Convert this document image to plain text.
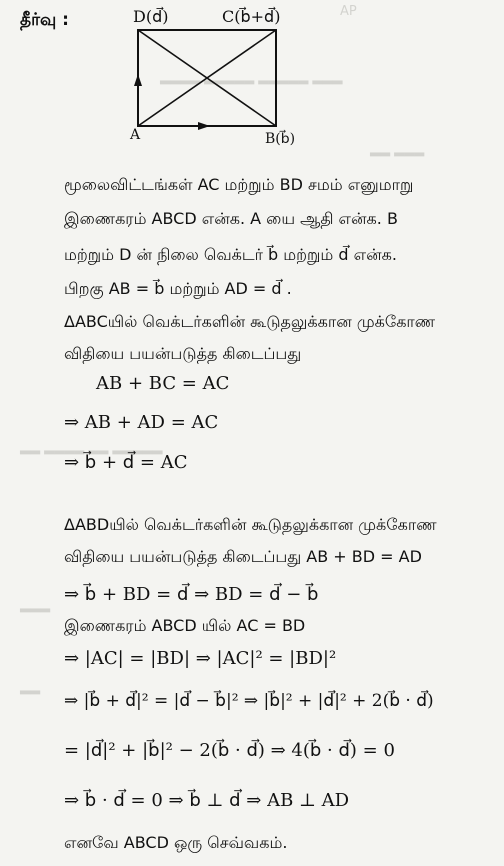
AP
▂▂▂▂ ▂▂▂▂▂ ▂▂▂▂▂ ▂▂▂
▂▂ ▂▂▂
▂▂ ▂▂▂▂ ▂▂ ▂▂▂▂▂
▂▂▂
▂▂
தீர்வு :	D(d⃗)	C(b⃗+d⃗)
A	B(b⃗)
மூலைவிட்டங்கள் AC மற்றும் BD சமம் எனுமாறு
இணைகரம் ABCD என்க. A யை ஆதி என்க. B
மற்றும் D ன் நிலை வெக்டர் b⃗ மற்றும் d⃗ என்க.
பிறகு AB = b⃗ மற்றும் AD = d⃗ .
ΔABCயில் வெக்டர்களின் கூடுதலுக்கான முக்கோண
விதியை பயன்படுத்த கிடைப்பது
AB + BC = AC
⇒ AB + AD = AC
⇒ b⃗ + d⃗ = AC
ΔABDயில் வெக்டர்களின் கூடுதலுக்கான முக்கோண
விதியை பயன்படுத்த கிடைப்பது AB + BD = AD
⇒ b⃗ + BD = d⃗ ⇒ BD = d⃗ − b⃗
இணைகரம் ABCD யில் AC = BD
⇒ |AC| = |BD| ⇒ |AC|² = |BD|²
⇒ |b⃗ + d⃗|² = |d⃗ − b⃗|² ⇒ |b⃗|² + |d⃗|² + 2(b⃗ · d⃗)
= |d⃗|² + |b⃗|² − 2(b⃗ · d⃗) ⇒ 4(b⃗ · d⃗) = 0
⇒ b⃗ · d⃗ = 0 ⇒ b⃗ ⊥ d⃗ ⇒ AB ⊥ AD
எனவே ABCD ஒரு செவ்வகம்.
